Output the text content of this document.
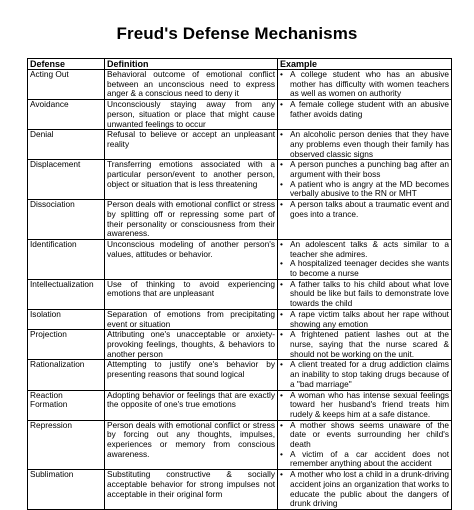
Freud's Defense Mechanisms
Defense	Definition	Example
Acting Out	Behavioral outcome of emotional conflict between an unconscious need to express anger & a conscious need to deny it	• A college student who has an abusive mother has difficulty with women teachers as well as women on authority

Avoidance	Unconsciously staying away from any person, situation or place that might cause unwanted feelings to occur	• A female college student with an abusive father avoids dating

Denial	Refusal to believe or accept an unpleasant reality	• An alcoholic person denies that they have any problems even though their family has observed classic signs

Displacement	Transferring emotions associated with a particular person/event to another person, object or situation that is less threatening	• A person punches a punching bag after an argument with their boss
• A patient who is angry at the MD becomes verbally abusive to the RN or MHT

Dissociation	Person deals with emotional conflict or stress by splitting off or repressing some part of their personality or consciousness from their awareness.	• A person talks about a traumatic event and goes into a trance.

Identification	Unconscious modeling of another person's values, attitudes or behavior.	• An adolescent talks & acts similar to a teacher she admires.
• A hospitalized teenager decides she wants to become a nurse

Intellectualization	Use of thinking to avoid experiencing emotions that are unpleasant	• A father talks to his child about what love should be like but fails to demonstrate love towards the child

Isolation	Separation of emotions from precipitating event or situation	• A rape victim talks about her rape without showing any emotion

Projection	Attributing one's unacceptable or anxiety-provoking feelings, thoughts, & behaviors to another person	• A frightened patient lashes out at the nurse, saying that the nurse scared & should not be working on the unit.

Rationalization	Attempting to justify one's behavior by presenting reasons that sound logical	• A client treated for a drug addiction claims an inability to stop taking drugs because of a "bad marriage"

Reaction Formation	Adopting behavior or feelings that are exactly the opposite of one's true emotions	• A woman who has intense sexual feelings toward her husband's friend treats him rudely & keeps him at a safe distance.

Repression	Person deals with emotional conflict or stress by forcing out any thoughts, impulses, experiences or memory from conscious awareness.	• A mother shows seems unaware of the date or events surrounding her child's death
• A victim of a car accident does not remember anything about the accident

Sublimation	Substituting constructive & socially acceptable behavior for strong impulses not acceptable in their original form	• A mother who lost a child in a drunk-driving accident joins an organization that works to educate the public about the dangers of drunk driving
